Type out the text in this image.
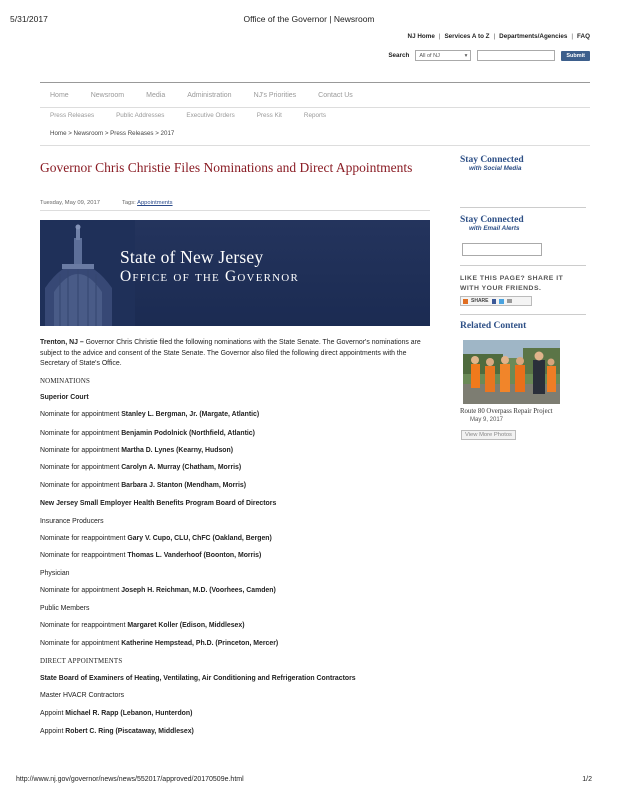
5/31/2017	Office of the Governor | Newsroom
NJ Home | Services A to Z | Departments/Agencies | FAQ
Search All of NJ	▾	Submit
Home	Newsroom	Media	Administration	NJ's Priorities	Contact Us
Press Releases	Public Addresses	Executive Orders	Press Kit	Reports
Home > Newsroom > Press Releases > 2017
Governor Chris Christie Files Nominations and Direct Appointments
Tuesday, May 09, 2017	Tags: Appointments
State of New Jersey
Office of the Governor

Trenton, NJ – Governor Chris Christie filed the following nominations with the State Senate. The Governor's nominations are subject to the advice and consent of the State Senate. The Governor also filed the following direct appointments with the Secretary of State's Office.

NOMINATIONS
Superior Court
Nominate for appointment Stanley L. Bergman, Jr. (Margate, Atlantic)
Nominate for appointment Benjamin Podolnick (Northfield, Atlantic)
Nominate for appointment Martha D. Lynes (Kearny, Hudson)
Nominate for appointment Carolyn A. Murray (Chatham, Morris)
Nominate for appointment Barbara J. Stanton (Mendham, Morris)
New Jersey Small Employer Health Benefits Program Board of Directors
Insurance Producers
Nominate for reappointment Gary V. Cupo, CLU, ChFC (Oakland, Bergen)
Nominate for reappointment Thomas L. Vanderhoof (Boonton, Morris)
Physician
Nominate for appointment Joseph H. Reichman, M.D. (Voorhees, Camden)
Public Members
Nominate for reappointment Margaret Koller (Edison, Middlesex)
Nominate for appointment Katherine Hempstead, Ph.D. (Princeton, Mercer)
DIRECT APPOINTMENTS
State Board of Examiners of Heating, Ventilating, Air Conditioning and Refrigeration Contractors
Master HVACR Contractors
Appoint Michael R. Rapp (Lebanon, Hunterdon)
Appoint Robert C. Ring (Piscataway, Middlesex)
Stay Connected
with Social Media
Stay Connected
with Email Alerts
LIKE THIS PAGE? SHARE IT
WITH YOUR FRIENDS.
SHARE
Related Content
Route 80 Overpass Repair Project
May 9, 2017
View More Photos
http://www.nj.gov/governor/news/news/552017/approved/20170509e.html	1/2
